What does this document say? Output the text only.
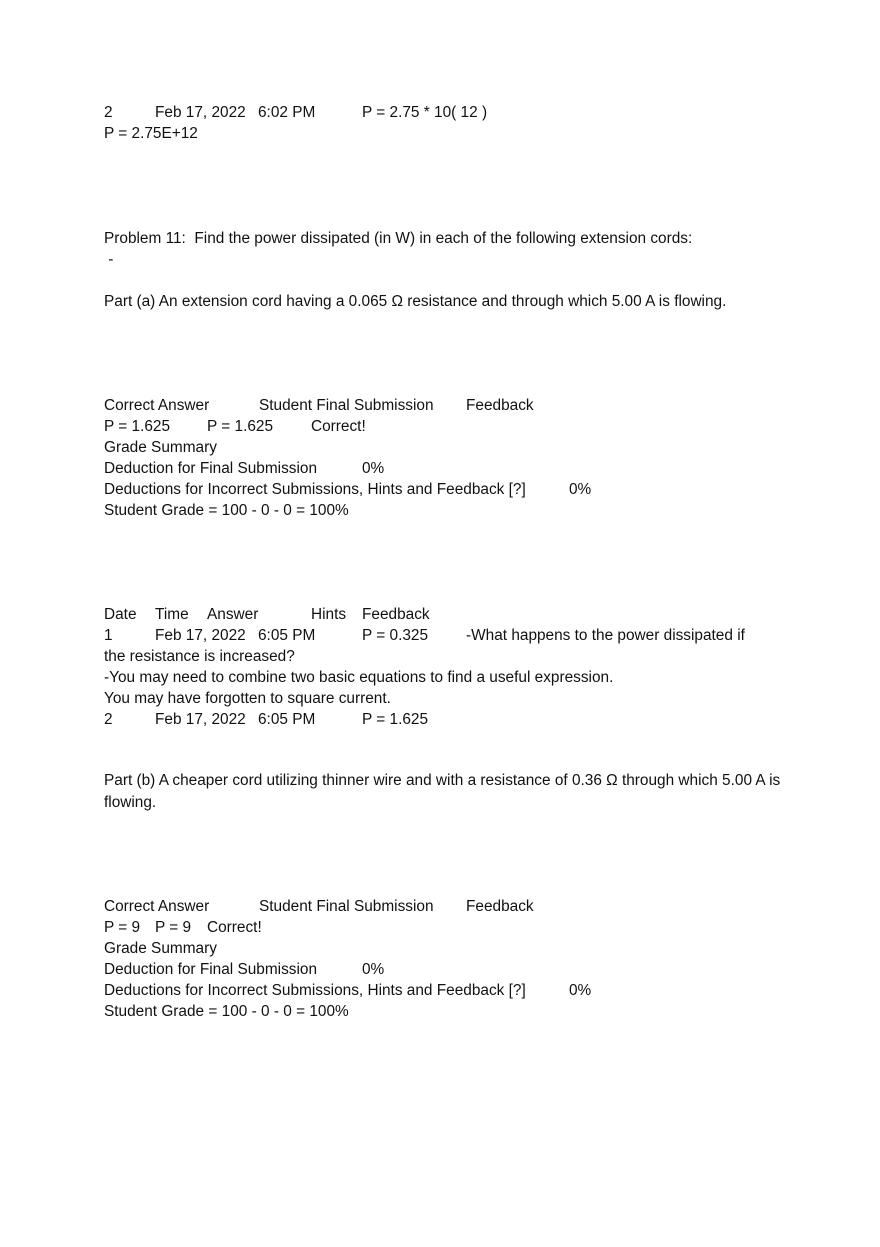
2	Feb 17, 2022 6:02 PM	P = 2.75 * 10( 12 )
P = 2.75E+12
Problem 11:  Find the power dissipated (in W) in each of the following extension cords:
-
Part (a) An extension cord having a 0.065 Ω resistance and through which 5.00 A is flowing.
Correct Answer	Student Final Submission Feedback
P = 1.625 P = 1.625 Correct!
Grade Summary
Deduction for Final Submission	0%
Deductions for Incorrect Submissions, Hints and Feedback [?]	0%
Student Grade = 100 - 0 - 0 = 100%
Date Time Answer	Hints Feedback
1	Feb 17, 2022 6:05 PM	P = 0.325 -What happens to the power dissipated if
the resistance is increased?
-You may need to combine two basic equations to find a useful expression.
You may have forgotten to square current.
2	Feb 17, 2022 6:05 PM	P = 1.625
Part (b) A cheaper cord utilizing thinner wire and with a resistance of 0.36 Ω through which 5.00 A is flowing.
Correct Answer	Student Final Submission Feedback
P = 9 P = 9 Correct!
Grade Summary
Deduction for Final Submission	0%
Deductions for Incorrect Submissions, Hints and Feedback [?]	0%
Student Grade = 100 - 0 - 0 = 100%
